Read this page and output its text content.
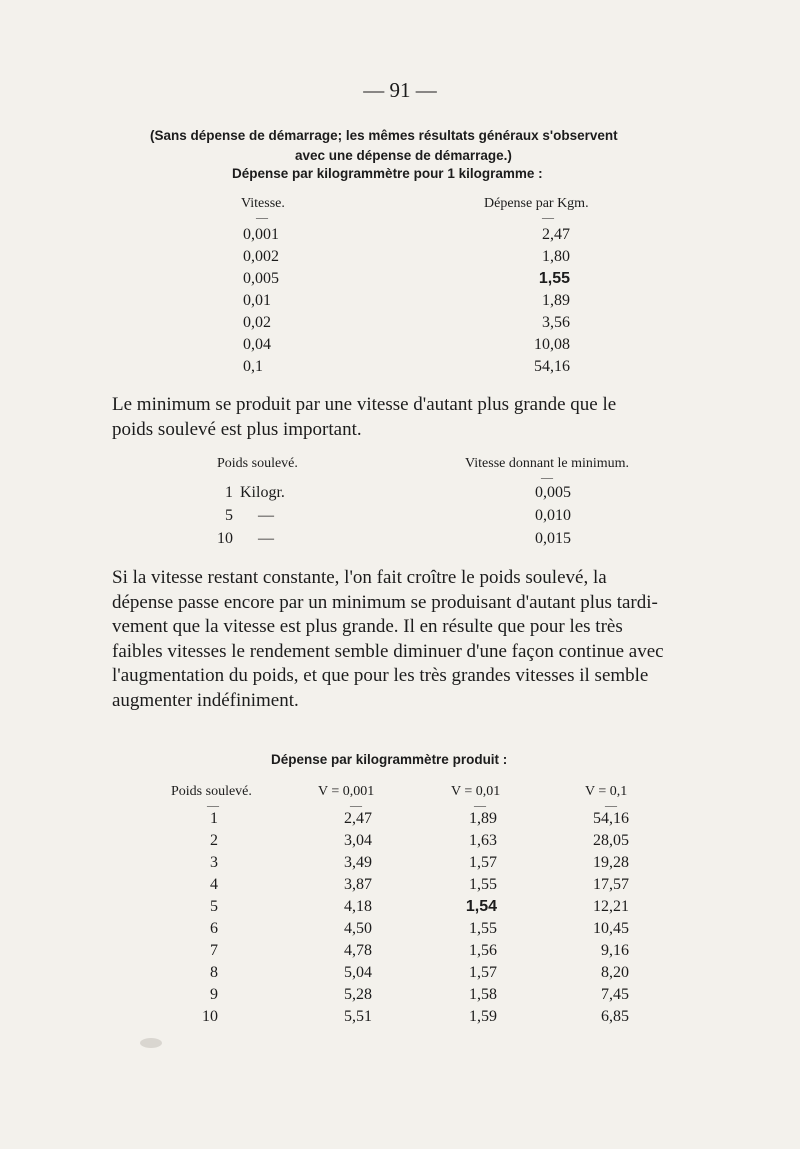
— 91 —
(Sans dépense de démarrage; les mêmes résultats généraux s'observent
avec une dépense de démarrage.)
Dépense par kilogrammètre pour 1 kilogramme :
Vitesse.	Dépense par Kgm.
—	—
0,001	2,47
0,002	1,80
0,005	1,55
0,01	1,89
0,02	3,56
0,04	10,08
0,1	54,16
Le minimum se produit par une vitesse d'autant plus grande que le
poids soulevé est plus important.
Poids soulevé.	Vitesse donnant le minimum.
—
1 Kilogr.	0,005
5 —	0,010
10 —	0,015
Si la vitesse restant constante, l'on fait croître le poids soulevé, la
dépense passe encore par un minimum se produisant d'autant plus tardi-
vement que la vitesse est plus grande. Il en résulte que pour les très
faibles vitesses le rendement semble diminuer d'une façon continue avec
l'augmentation du poids, et que pour les très grandes vitesses il semble
augmenter indéfiniment.
Dépense par kilogrammètre produit :
Poids soulevé.	V = 0,001	V = 0,01	V = 0,1
—	—	—	—
1	2,47	1,89	54,16
2	3,04	1,63	28,05
3	3,49	1,57	19,28
4	3,87	1,55	17,57
5	4,18	1,54	12,21
6	4,50	1,55	10,45
7	4,78	1,56	9,16
8	5,04	1,57	8,20
9	5,28	1,58	7,45
10	5,51	1,59	6,85
